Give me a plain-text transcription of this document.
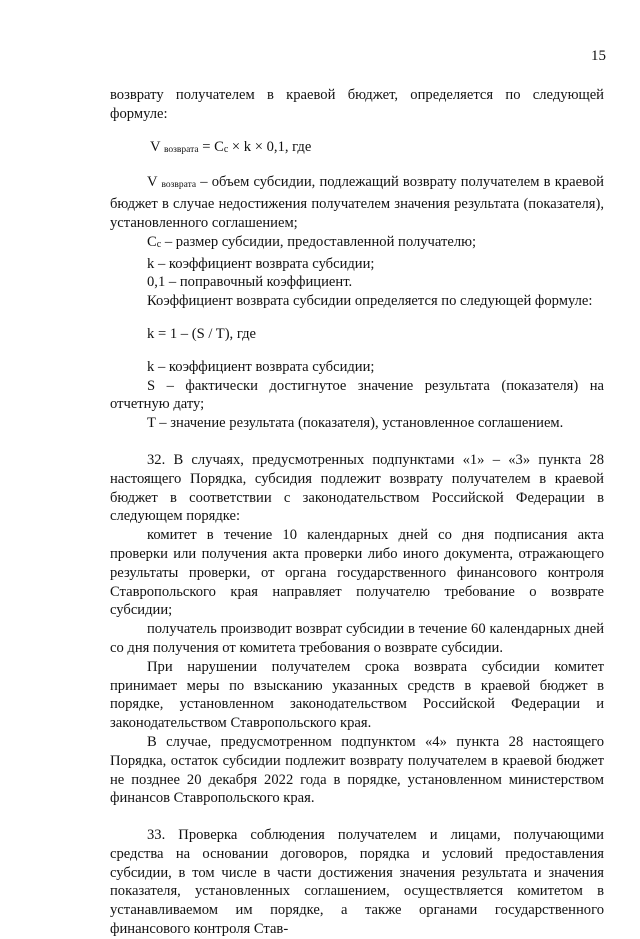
15

возврату получателем в краевой бюджет, определяется по следующей формуле:

V возврата = Cc × k × 0,1, где

V возврата – объем субсидии, подлежащий возврату получателем в краевой бюджет в случае недостижения получателем значения результата (показателя), установленного соглашением;

Cc – размер субсидии, предоставленной получателю;

k – коэффициент возврата субсидии;

0,1 – поправочный коэффициент.

Коэффициент возврата субсидии определяется по следующей формуле:

k = 1 – (S / T), где

k – коэффициент возврата субсидии;

S – фактически достигнутое значение результата (показателя) на отчетную дату;

T – значение результата (показателя), установленное соглашением.

32. В случаях, предусмотренных подпунктами «1» – «3» пункта 28 настоящего Порядка, субсидия подлежит возврату получателем в краевой бюджет в соответствии с законодательством Российской Федерации в следующем порядке:

комитет в течение 10 календарных дней со дня подписания акта проверки или получения акта проверки либо иного документа, отражающего результаты проверки, от органа государственного финансового контроля Ставропольского края направляет получателю требование о возврате субсидии;

получатель производит возврат субсидии в течение 60 календарных дней со дня получения от комитета требования о возврате субсидии.

При нарушении получателем срока возврата субсидии комитет принимает меры по взысканию указанных средств в краевой бюджет в порядке, установленном законодательством Российской Федерации и законодательством Ставропольского края.

В случае, предусмотренном подпунктом «4» пункта 28 настоящего Порядка, остаток субсидии подлежит возврату получателем в краевой бюджет не позднее 20 декабря 2022 года в порядке, установленном министерством финансов Ставропольского края.

33. Проверка соблюдения получателем и лицами, получающими средства на основании договоров, порядка и условий предоставления субсидии, в том числе в части достижения значения результата и значения показателя, установленных соглашением, осуществляется комитетом в устанавливаемом им порядке, а также органами государственного финансового контроля Став-
